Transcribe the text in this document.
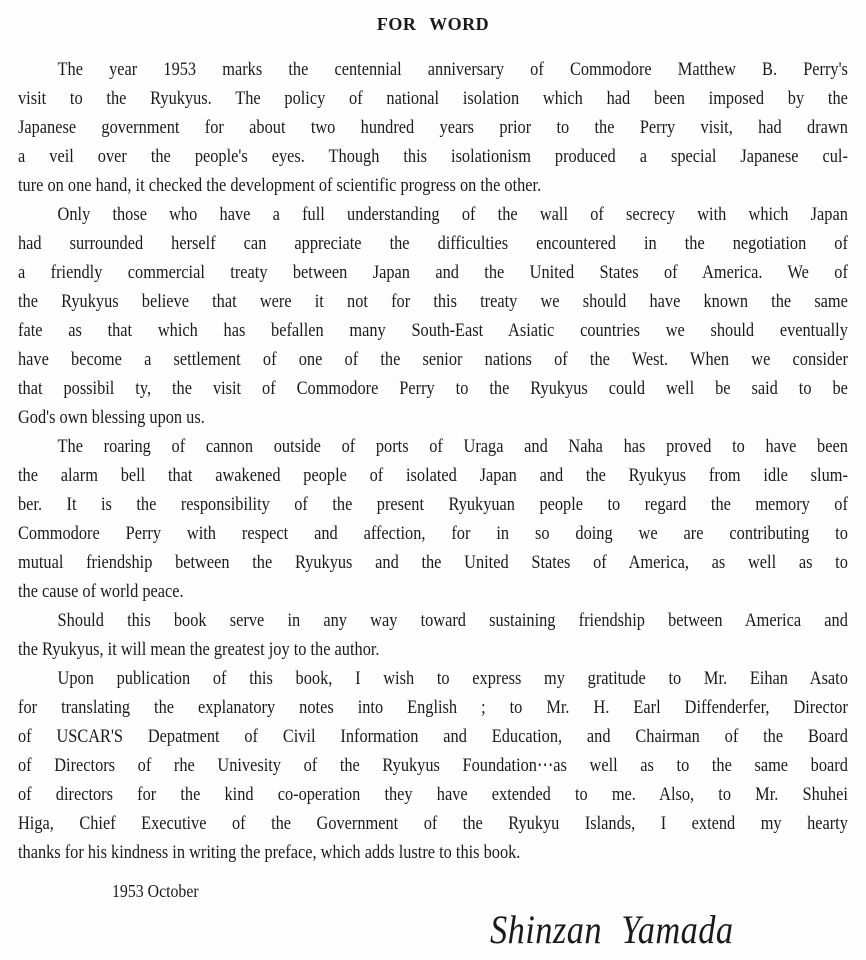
FOR WORD
The year 1953 marks the centennial anniversary of Commodore Matthew B. Perry's
visit to the Ryukyus. The policy of national isolation which had been imposed by the
Japanese government for about two hundred years prior to the Perry visit, had drawn
a veil over the people's eyes. Though this isolationism produced a special Japanese cul-
ture on one hand, it checked the development of scientific progress on the other.
Only those who have a full understanding of the wall of secrecy with which Japan
had surrounded herself can appreciate the difficulties encountered in the negotiation of
a friendly commercial treaty between Japan and the United States of America. We of
the Ryukyus believe that were it not for this treaty we should have known the same
fate as that which has befallen many South-East Asiatic countries we should eventually
have become a settlement of one of the senior nations of the West. When we consider
that possibil ty, the visit of Commodore Perry to the Ryukyus could well be said to be
God's own blessing upon us.
The roaring of cannon outside of ports of Uraga and Naha has proved to have been
the alarm bell that awakened people of isolated Japan and the Ryukyus from idle slum-
ber. It is the responsibility of the present Ryukyuan people to regard the memory of
Commodore Perry with respect and affection, for in so doing we are contributing to
mutual friendship between the Ryukyus and the United States of America, as well as to
the cause of world peace.
Should this book serve in any way toward sustaining friendship between America and
the Ryukyus, it will mean the greatest joy to the author.
Upon publication of this book, I wish to express my gratitude to Mr. Eihan Asato
for translating the explanatory notes into English ; to Mr. H. Earl Diffenderfer, Director
of USCAR'S Depatment of Civil Information and Education, and Chairman of the Board
of Directors of rhe Univesity of the Ryukyus Foundation⋯as well as to the same board
of directors for the kind co-operation they have extended to me. Also, to Mr. Shuhei
Higa, Chief Executive of the Government of the Ryukyu Islands, I extend my hearty
thanks for his kindness in writing the preface, which adds lustre to this book.
1953 October
Shinzan Yamada
